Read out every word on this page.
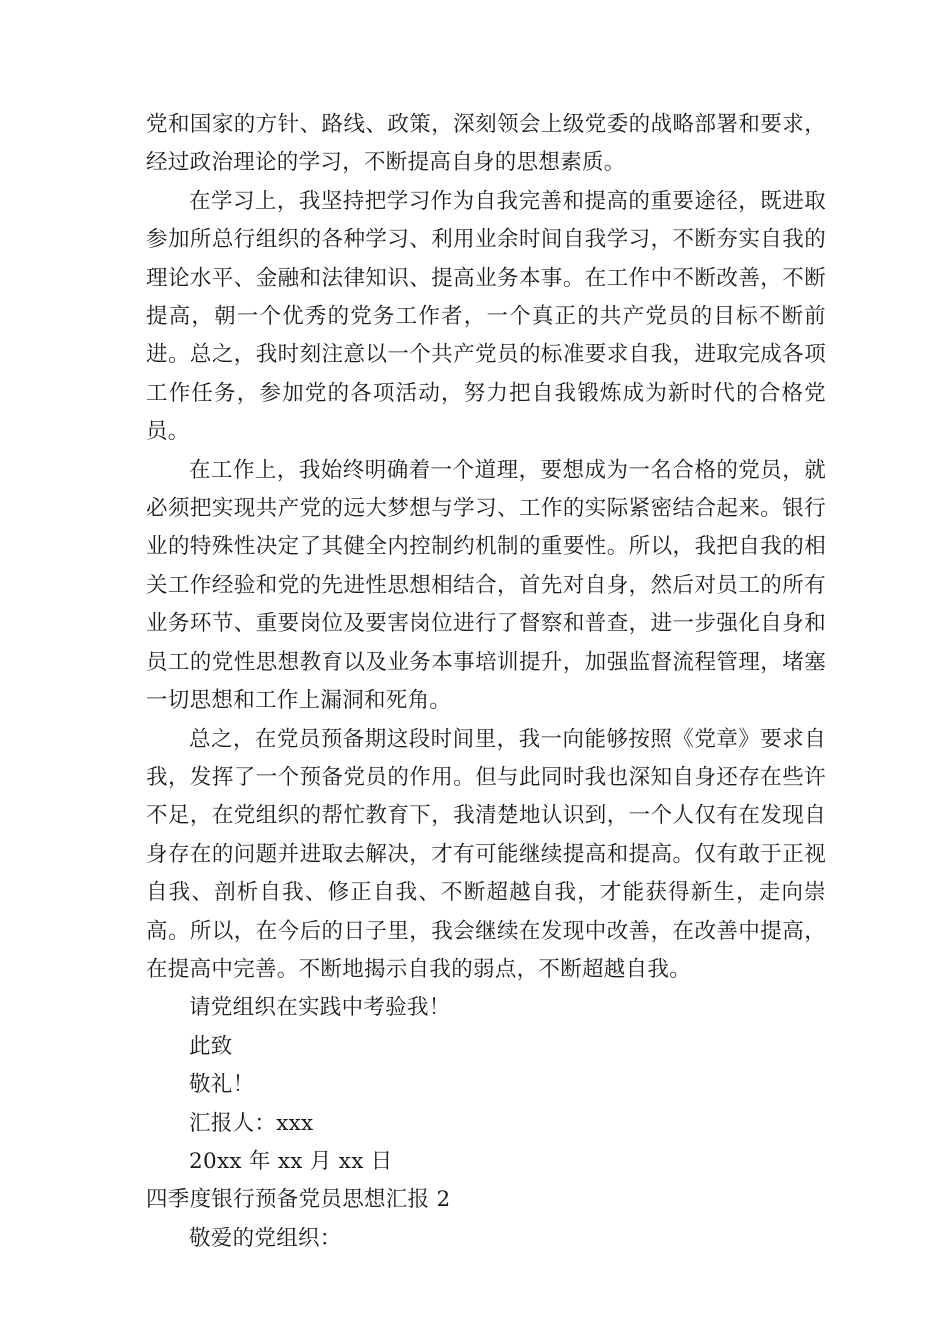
党和国家的方针、路线、政策，深刻领会上级党委的战略部署和要求，经过政治理论的学习，不断提高自身的思想素质。

在学习上，我坚持把学习作为自我完善和提高的重要途径，既进取参加所总行组织的各种学习、利用业余时间自我学习，不断夯实自我的理论水平、金融和法律知识、提高业务本事。在工作中不断改善，不断提高，朝一个优秀的党务工作者，一个真正的共产党员的目标不断前进。总之，我时刻注意以一个共产党员的标准要求自我，进取完成各项工作任务，参加党的各项活动，努力把自我锻炼成为新时代的合格党员。

在工作上，我始终明确着一个道理，要想成为一名合格的党员，就必须把实现共产党的远大梦想与学习、工作的实际紧密结合起来。银行业的特殊性决定了其健全内控制约机制的重要性。所以，我把自我的相关工作经验和党的先进性思想相结合，首先对自身，然后对员工的所有业务环节、重要岗位及要害岗位进行了督察和普查，进一步强化自身和员工的党性思想教育以及业务本事培训提升，加强监督流程管理，堵塞一切思想和工作上漏洞和死角。

总之，在党员预备期这段时间里，我一向能够按照《党章》要求自我，发挥了一个预备党员的作用。但与此同时我也深知自身还存在些许不足，在党组织的帮忙教育下，我清楚地认识到，一个人仅有在发现自身存在的问题并进取去解决，才有可能继续提高和提高。仅有敢于正视自我、剖析自我、修正自我、不断超越自我，才能获得新生，走向崇高。所以，在今后的日子里，我会继续在发现中改善，在改善中提高，在提高中完善。不断地揭示自我的弱点，不断超越自我。

请党组织在实践中考验我！

此致

敬礼！

汇报人：xxx

20xx 年 xx 月 xx 日

四季度银行预备党员思想汇报 2

敬爱的党组织：
